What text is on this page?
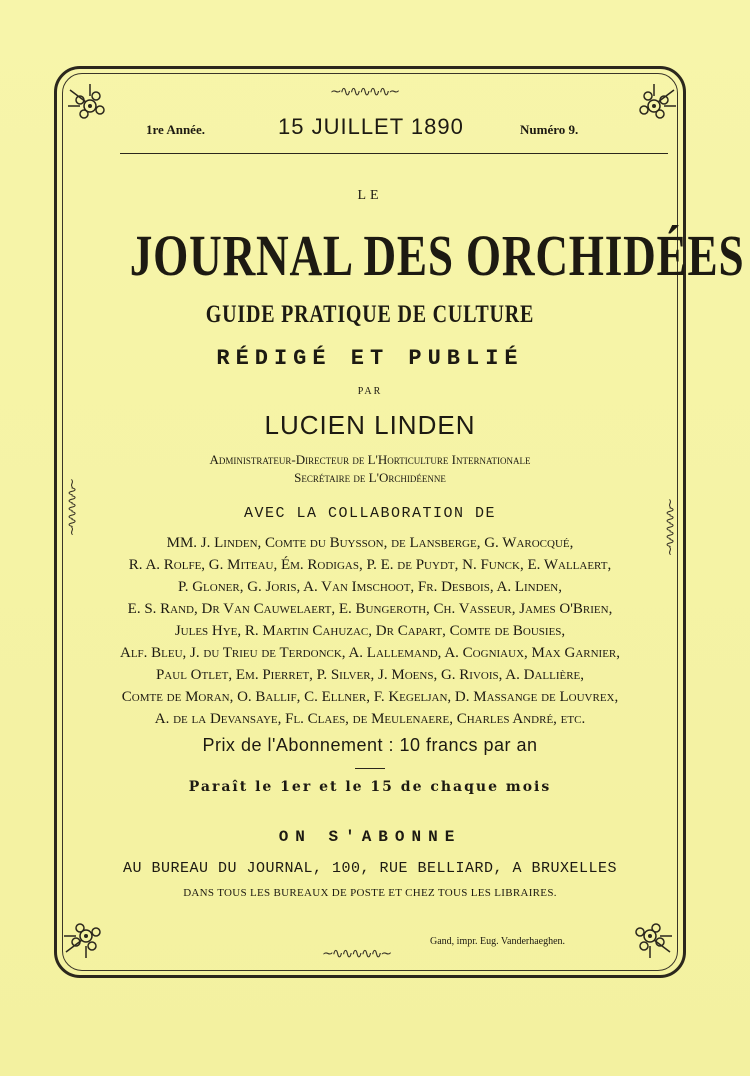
~∿∿∿∿∿~
~∿∿∿∿∿~
~∿∿∿∿∿~	~∿∿∿∿∿~
1re Année.	15 JUILLET 1890	Numéro 9.
LE
JOURNAL DES ORCHIDÉES
GUIDE PRATIQUE DE CULTURE
RÉDIGÉ ET PUBLIÉ
PAR
LUCIEN LINDEN
Administrateur-Directeur de L'Horticulture Internationale
Secrétaire de L'Orchidéenne
AVEC LA COLLABORATION DE
MM. J. Linden, Comte du Buysson, de Lansberge, G. Warocqué,
R. A. Rolfe, G. Miteau, Ém. Rodigas, P. E. de Puydt, N. Funck, E. Wallaert,
P. Gloner, G. Joris, A. Van Imschoot, Fr. Desbois, A. Linden,
E. S. Rand, Dr Van Cauwelaert, E. Bungeroth, Ch. Vasseur, James O'Brien,
Jules Hye, R. Martin Cahuzac, Dr Capart, Comte de Bousies,
Alf. Bleu, J. du Trieu de Terdonck, A. Lallemand, A. Cogniaux, Max Garnier,
Paul Otlet, Em. Pierret, P. Silver, J. Moens, G. Rivois, A. Dallière,
Comte de Moran, O. Ballif, C. Ellner, F. Kegeljan, D. Massange de Louvrex,
A. de la Devansaye, Fl. Claes, de Meulenaere, Charles André, etc.
Prix de l'Abonnement : 10 francs par an
Paraît le 1er et le 15 de chaque mois
ON S'ABONNE
AU BUREAU DU JOURNAL, 100, RUE BELLIARD, A BRUXELLES
DANS TOUS LES BUREAUX DE POSTE ET CHEZ TOUS LES LIBRAIRES.
Gand, impr. Eug. Vanderhaeghen.
